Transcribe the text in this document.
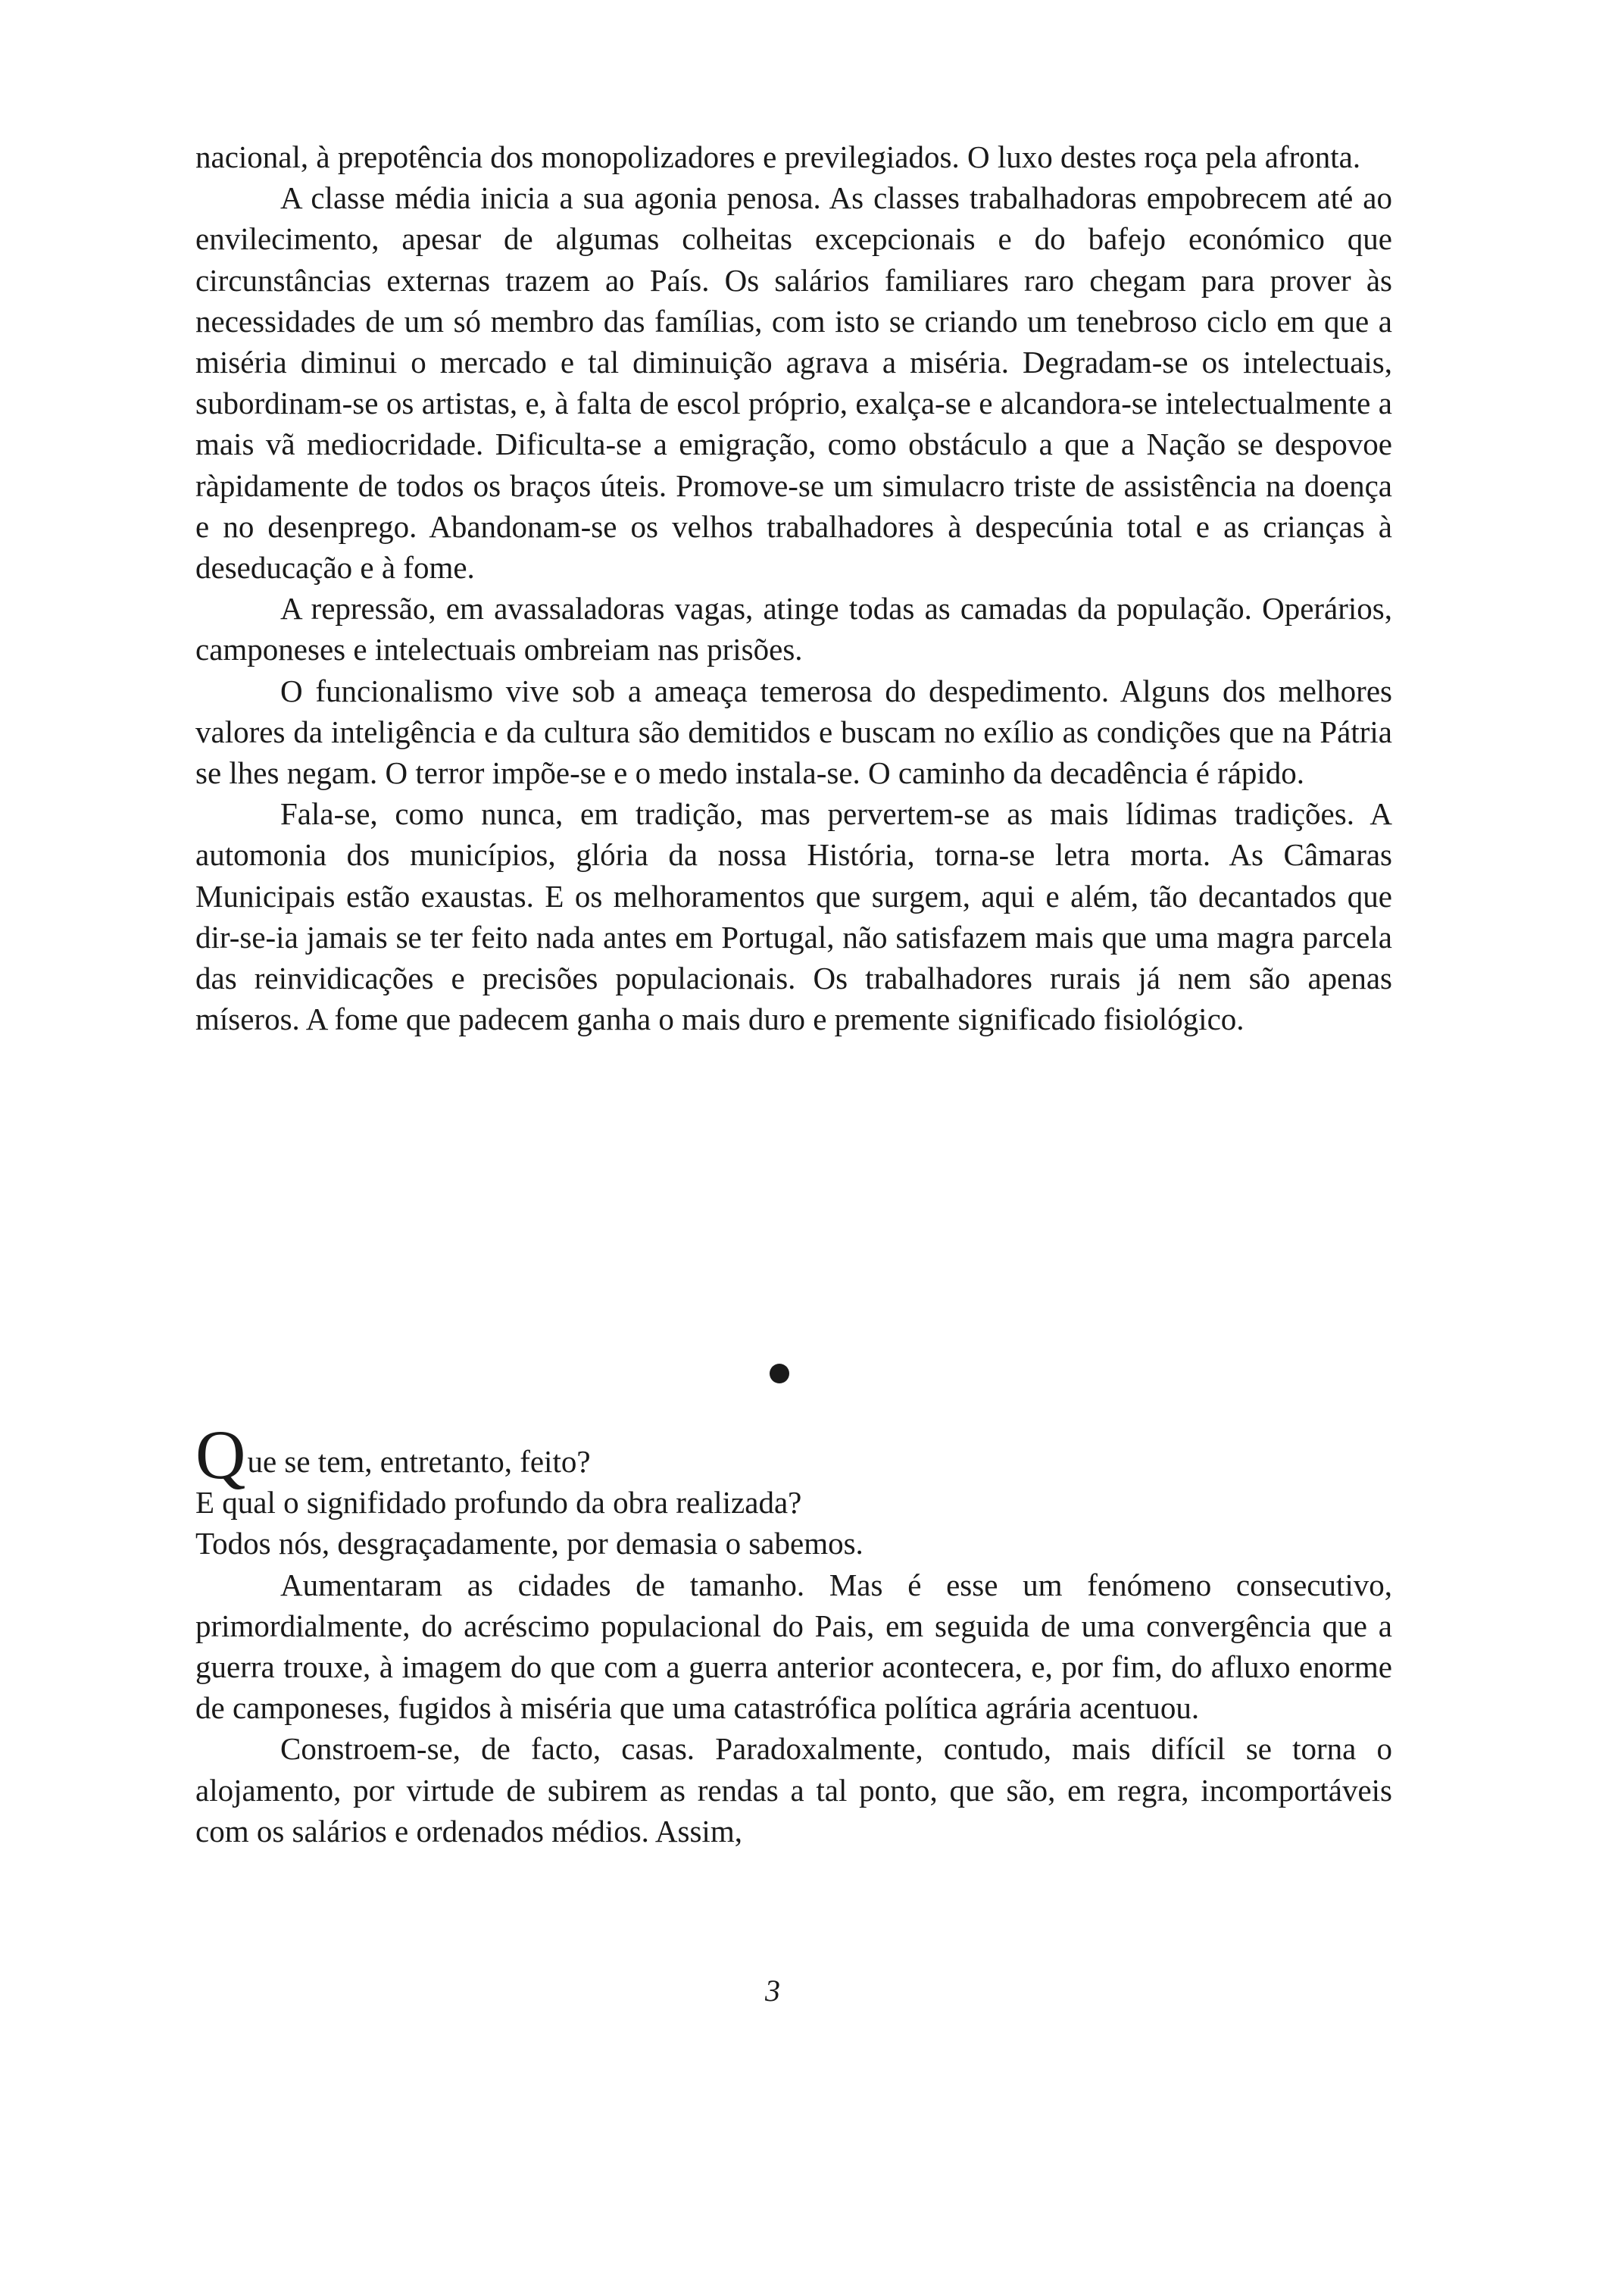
nacional, à prepotência dos monopolizadores e previlegiados. O luxo destes roça pela afronta.

A classe média inicia a sua agonia penosa. As classes trabalhadoras empobrecem até ao envilecimento, apesar de algumas colheitas excepcionais e do bafejo económico que circunstâncias externas trazem ao País. Os salários familiares raro chegam para prover às necessidades de um só membro das famílias, com isto se criando um tenebroso ciclo em que a miséria diminui o mercado e tal diminuição agrava a miséria. Degradam-se os intelectuais, subordinam-se os artistas, e, à falta de escol próprio, exalça-se e alcandora-se intelectualmente a mais vã mediocridade. Dificulta-se a emigração, como obstáculo a que a Nação se despovoe ràpidamente de todos os braços úteis. Promove-se um simulacro triste de assistência na doença e no desenprego. Abandonam-se os velhos trabalhadores à despecúnia total e as crianças à deseducação e à fome.

A repressão, em avassaladoras vagas, atinge todas as camadas da população. Operários, camponeses e intelectuais ombreiam nas prisões.

O funcionalismo vive sob a ameaça temerosa do despedimento. Alguns dos melhores valores da inteligência e da cultura são demitidos e buscam no exílio as condições que na Pátria se lhes negam. O terror impõe-se e o medo instala-se. O caminho da decadência é rápido.

Fala-se, como nunca, em tradição, mas pervertem-se as mais lídimas tradições. A automonia dos municípios, glória da nossa História, torna-se letra morta. As Câmaras Municipais estão exaustas. E os melhoramentos que surgem, aqui e além, tão decantados que dir-se-ia jamais se ter feito nada antes em Portugal, não satisfazem mais que uma magra parcela das reinvidicações e precisões populacionais. Os trabalhadores rurais já nem são apenas míseros. A fome que padecem ganha o mais duro e premente significado fisiológico.

Que se tem, entretanto, feito?

E qual o signifidado profundo da obra realizada?

Todos nós, desgraçadamente, por demasia o sabemos.

Aumentaram as cidades de tamanho. Mas é esse um fenómeno consecutivo, primordialmente, do acréscimo populacional do Pais, em seguida de uma convergência que a guerra trouxe, à imagem do que com a guerra anterior acontecera, e, por fim, do afluxo enorme de camponeses, fugidos à miséria que uma catastrófica política agrária acentuou.

Constroem-se, de facto, casas. Paradoxalmente, contudo, mais difícil se torna o alojamento, por virtude de subirem as rendas a tal ponto, que são, em regra, incomportáveis com os salários e ordenados médios. Assim,

3
